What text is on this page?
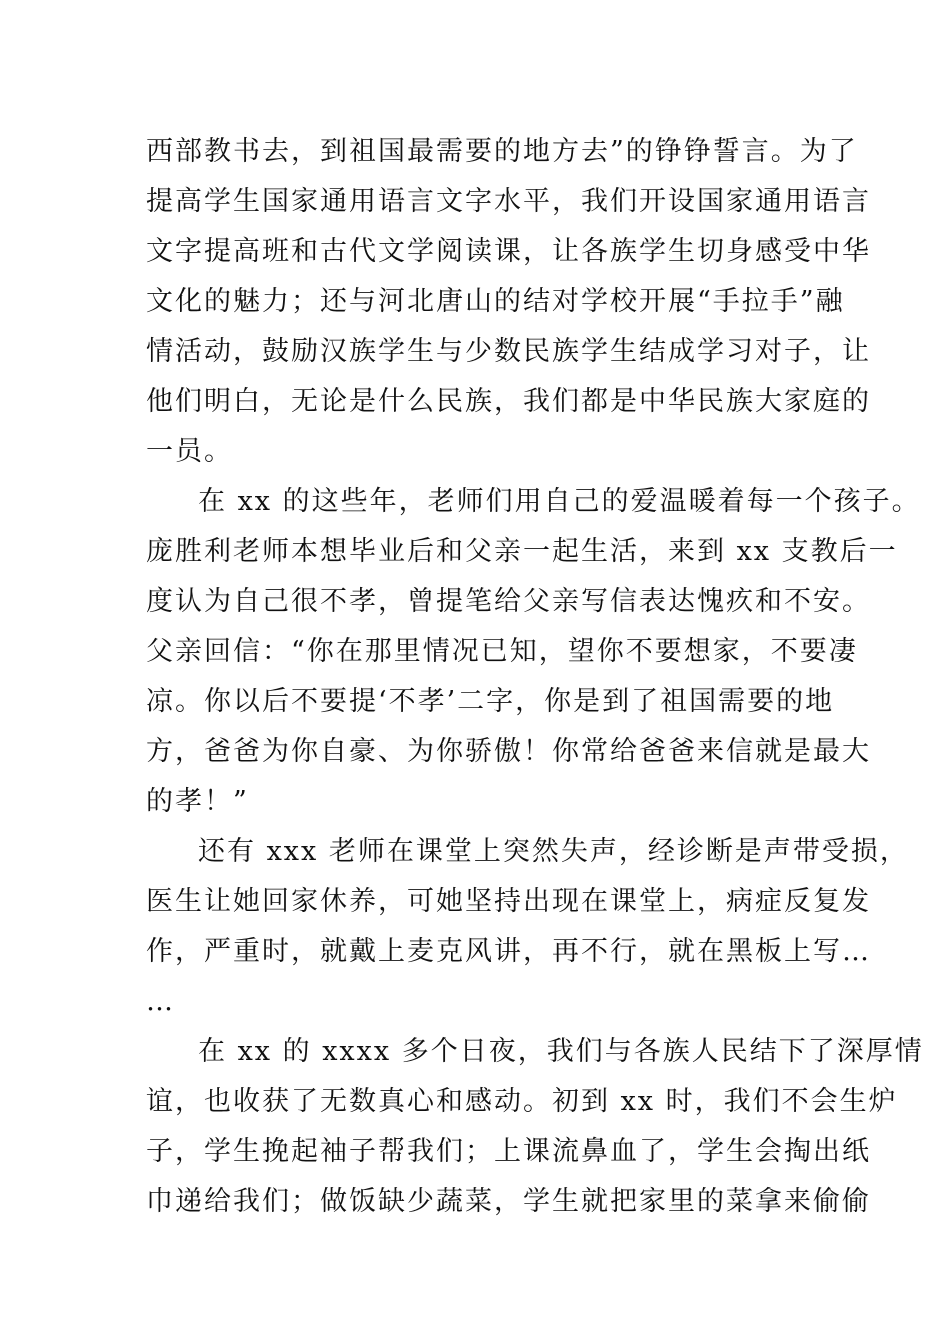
西部教书去，到祖国最需要的地方去”的铮铮誓言。为了
提高学生国家通用语言文字水平，我们开设国家通用语言
文字提高班和古代文学阅读课，让各族学生切身感受中华
文化的魅力；还与河北唐山的结对学校开展“手拉手”融
情活动，鼓励汉族学生与少数民族学生结成学习对子，让
他们明白，无论是什么民族，我们都是中华民族大家庭的
一员。
在 xx 的这些年，老师们用自己的爱温暖着每一个孩子。
庞胜利老师本想毕业后和父亲一起生活，来到 xx 支教后一
度认为自己很不孝，曾提笔给父亲写信表达愧疚和不安。
父亲回信：“你在那里情况已知，望你不要想家，不要凄
凉。你以后不要提‘不孝’二字，你是到了祖国需要的地
方，爸爸为你自豪、为你骄傲！你常给爸爸来信就是最大
的孝！”
还有 xxx 老师在课堂上突然失声，经诊断是声带受损，
医生让她回家休养，可她坚持出现在课堂上，病症反复发
作，严重时，就戴上麦克风讲，再不行，就在黑板上写…
…
在 xx 的 xxxx 多个日夜，我们与各族人民结下了深厚情
谊，也收获了无数真心和感动。初到 xx 时，我们不会生炉
子，学生挽起袖子帮我们；上课流鼻血了，学生会掏出纸
巾递给我们；做饭缺少蔬菜，学生就把家里的菜拿来偷偷
